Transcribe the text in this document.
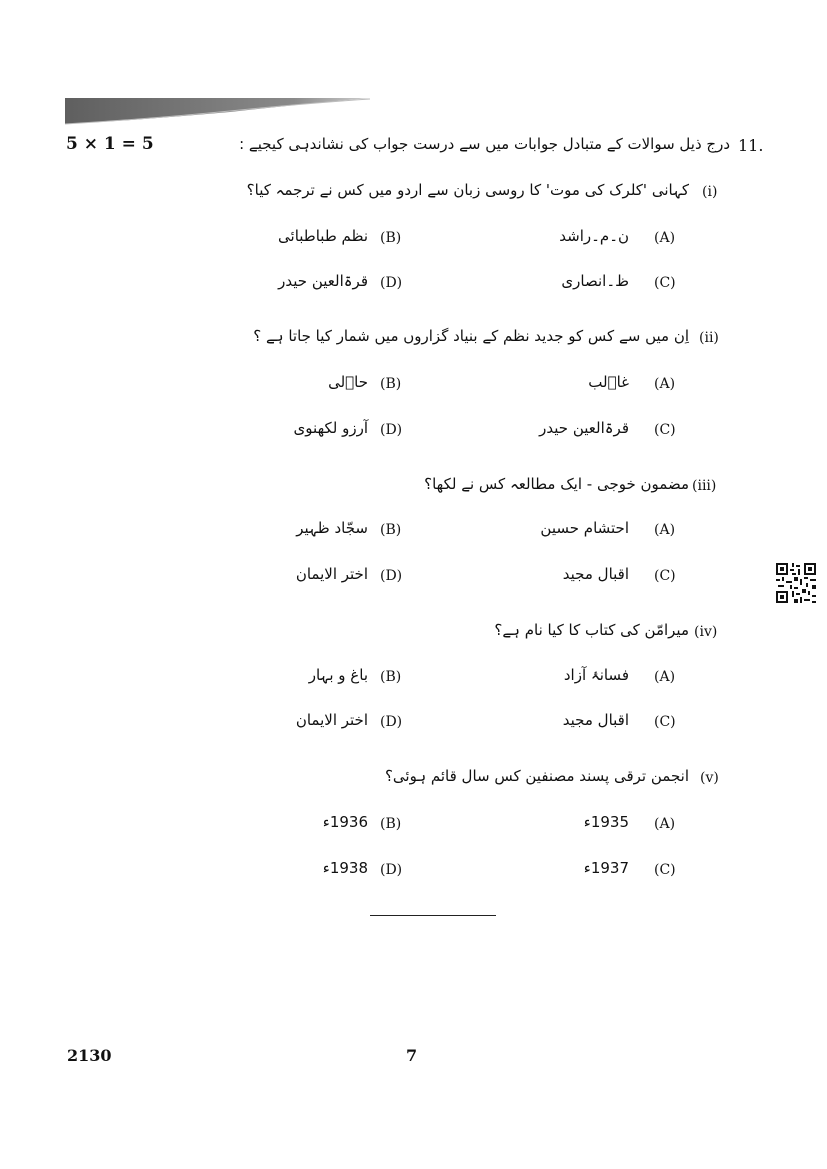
5 × 1 = 5	درج ذیل سوالات کے متبادل جوابات میں سے درست جواب کی نشاندہی کیجیے : 11.
(i)
کہانی 'کلرک کی موت' کا روسی زبان سے اردو میں کس نے ترجمہ کیا؟
(A)
ن۔م۔راشد
(B)
نظم طباطبائی
(C)
ظ۔انصاری
(D)
قرۃالعین حیدر
(ii)
اِن میں سے کس کو جدید نظم کے بنیاد گزاروں میں شمار کیا جاتا ہے ؟
(A)
غاؔلب
(B)
حاؔلی
(C)
قرۃالعین حیدر
(D)
آرزو لکھنوی
(iii)
مضمون خوجی - ایک مطالعہ کس نے لکھا؟
(A)
احتشام حسین
(B)
سجّاد ظہیر
(C)
اقبال مجید
(D)
اختر الایمان
(iv)
میرامّن کی کتاب کا کیا نام ہے؟
(A)
فسانۂ آزاد
(B)
باغ و بہار
(C)
اقبال مجید
(D)
اختر الایمان
(v)
انجمن ترقی پسند مصنفین کس سال قائم ہوئی؟
(A)
1935ء
(B)
1936ء
(C)
1937ء
(D)
1938ء
2130	7
